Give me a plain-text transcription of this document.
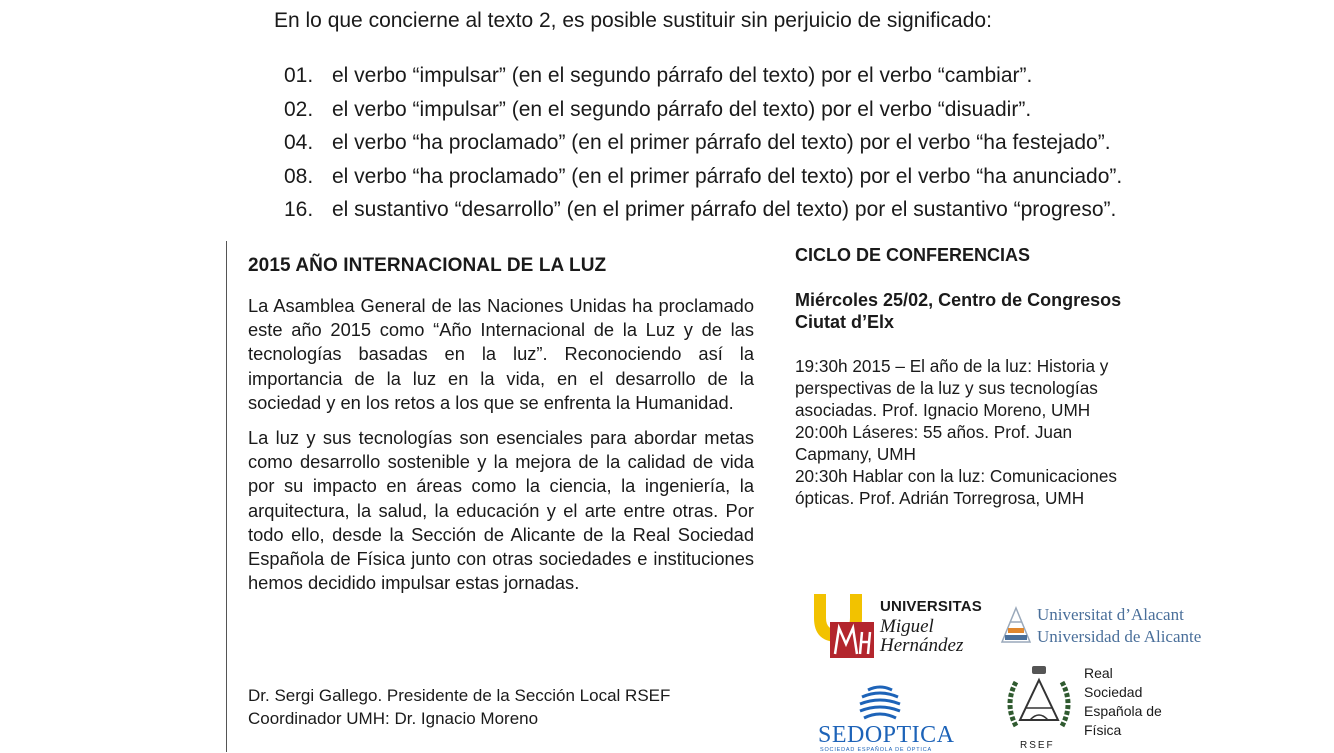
En lo que concierne al texto 2, es posible sustituir sin perjuicio de significado:

01. el verbo “impulsar” (en el segundo párrafo del texto) por el verbo “cambiar”.
02. el verbo “impulsar” (en el segundo párrafo del texto) por el verbo “disuadir”.
04. el verbo “ha proclamado” (en el primer párrafo del texto) por el verbo “ha festejado”.
08. el verbo “ha proclamado” (en el primer párrafo del texto) por el verbo “ha anunciado”.
16. el sustantivo “desarrollo” (en el primer párrafo del texto) por el sustantivo “progreso”.
2015 AÑO INTERNACIONAL DE LA LUZ

La Asamblea General de las Naciones Unidas ha proclamado este año 2015 como “Año Internacional de la Luz y de las tecnologías basadas en la luz”. Reconociendo así la importancia de la luz en la vida, en el desarrollo de la sociedad y en los retos a los que se enfrenta la Humanidad.

La luz y sus tecnologías son esenciales para abordar metas como desarrollo sostenible y la mejora de la calidad de vida por su impacto en áreas como la ciencia, la ingeniería, la arquitectura, la salud, la educación y el arte entre otras. Por todo ello, desde la Sección de Alicante de la Real Sociedad Española de Física junto con otras sociedades e instituciones hemos decidido impulsar estas jornadas.

Dr. Sergi Gallego. Presidente de la Sección Local RSEF
Coordinador UMH: Dr. Ignacio Moreno
CICLO DE CONFERENCIAS
Miércoles 25/02, Centro de Congresos
Ciutat d’Elx
19:30h 2015 – El año de la luz: Historia y
perspectivas de la luz y sus tecnologías
asociadas. Prof. Ignacio Moreno, UMH
20:00h Láseres: 55 años. Prof. Juan
Capmany, UMH
20:30h Hablar con la luz: Comunicaciones
ópticas. Prof. Adrián Torregrosa, UMH
UNIVERSITAS
Miguel
Hernández
Universitat d’Alacant
Universidad de Alicante
SEDOPTICA
SOCIEDAD ESPAÑOLA DE ÓPTICA
Real
Sociedad
Española de
Física
RSEF
